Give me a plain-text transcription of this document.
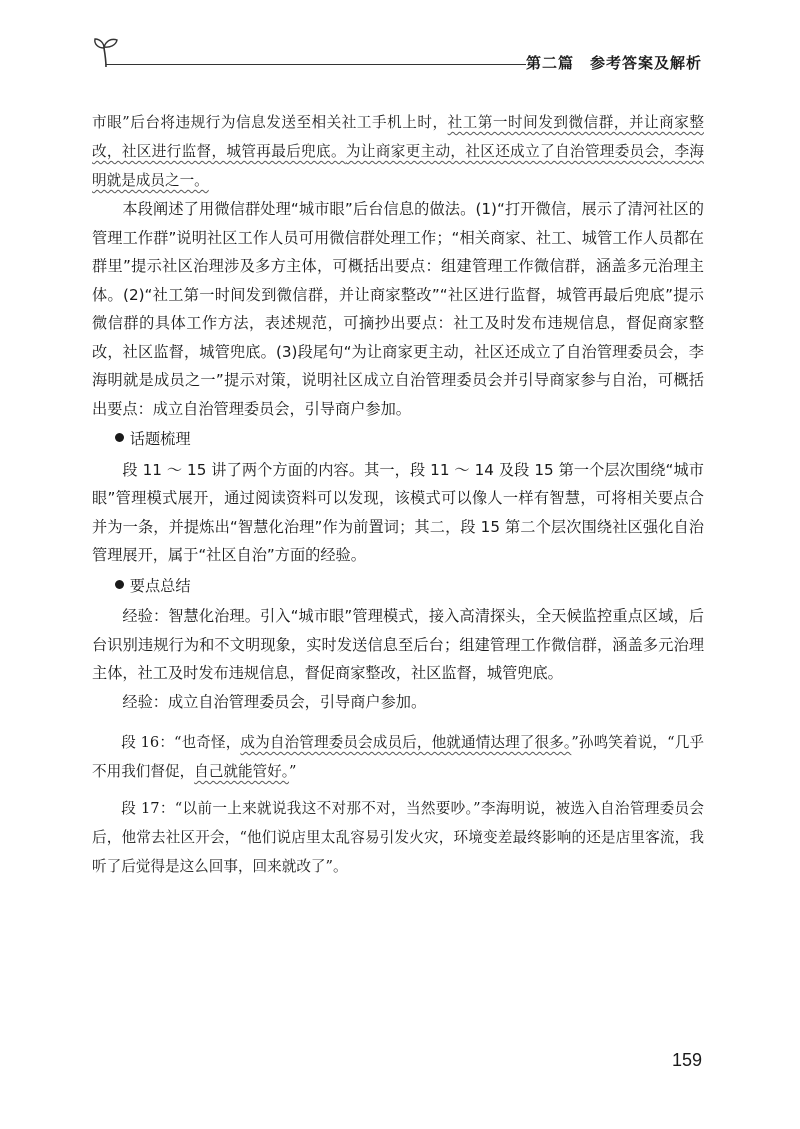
第二篇　参考答案及解析

市眼”后台将违规行为信息发送至相关社工手机上时，社工第一时间发到微信群，并让商家整改，社区进行监督，城管再最后兜底。为让商家更主动，社区还成立了自治管理委员会，李海明就是成员之一。

本段阐述了用微信群处理“城市眼”后台信息的做法。(1)“打开微信，展示了清河社区的管理工作群”说明社区工作人员可用微信群处理工作；“相关商家、社工、城管工作人员都在群里”提示社区治理涉及多方主体，可概括出要点：组建管理工作微信群，涵盖多元治理主体。(2)“社工第一时间发到微信群，并让商家整改”“社区进行监督，城管再最后兜底”提示微信群的具体工作方法，表述规范，可摘抄出要点：社工及时发布违规信息，督促商家整改，社区监督，城管兜底。(3)段尾句“为让商家更主动，社区还成立了自治管理委员会，李海明就是成员之一”提示对策，说明社区成立自治管理委员会并引导商家参与自治，可概括出要点：成立自治管理委员会，引导商户参加。

话题梳理

段 11 ～ 15 讲了两个方面的内容。其一，段 11 ～ 14 及段 15 第一个层次围绕“城市眼”管理模式展开，通过阅读资料可以发现，该模式可以像人一样有智慧，可将相关要点合并为一条，并提炼出“智慧化治理”作为前置词；其二，段 15 第二个层次围绕社区强化自治管理展开，属于“社区自治”方面的经验。

要点总结

经验：智慧化治理。引入“城市眼”管理模式，接入高清探头，全天候监控重点区域，后台识别违规行为和不文明现象，实时发送信息至后台；组建管理工作微信群，涵盖多元治理主体，社工及时发布违规信息，督促商家整改，社区监督，城管兜底。

经验：成立自治管理委员会，引导商户参加。

段 16：“也奇怪，成为自治管理委员会成员后，他就通情达理了很多。”孙鸣笑着说，“几乎不用我们督促，自己就能管好。”

段 17：“以前一上来就说我这不对那不对，当然要吵。”李海明说，被选入自治管理委员会后，他常去社区开会，“他们说店里太乱容易引发火灾，环境变差最终影响的还是店里客流，我听了后觉得是这么回事，回来就改了”。

159
